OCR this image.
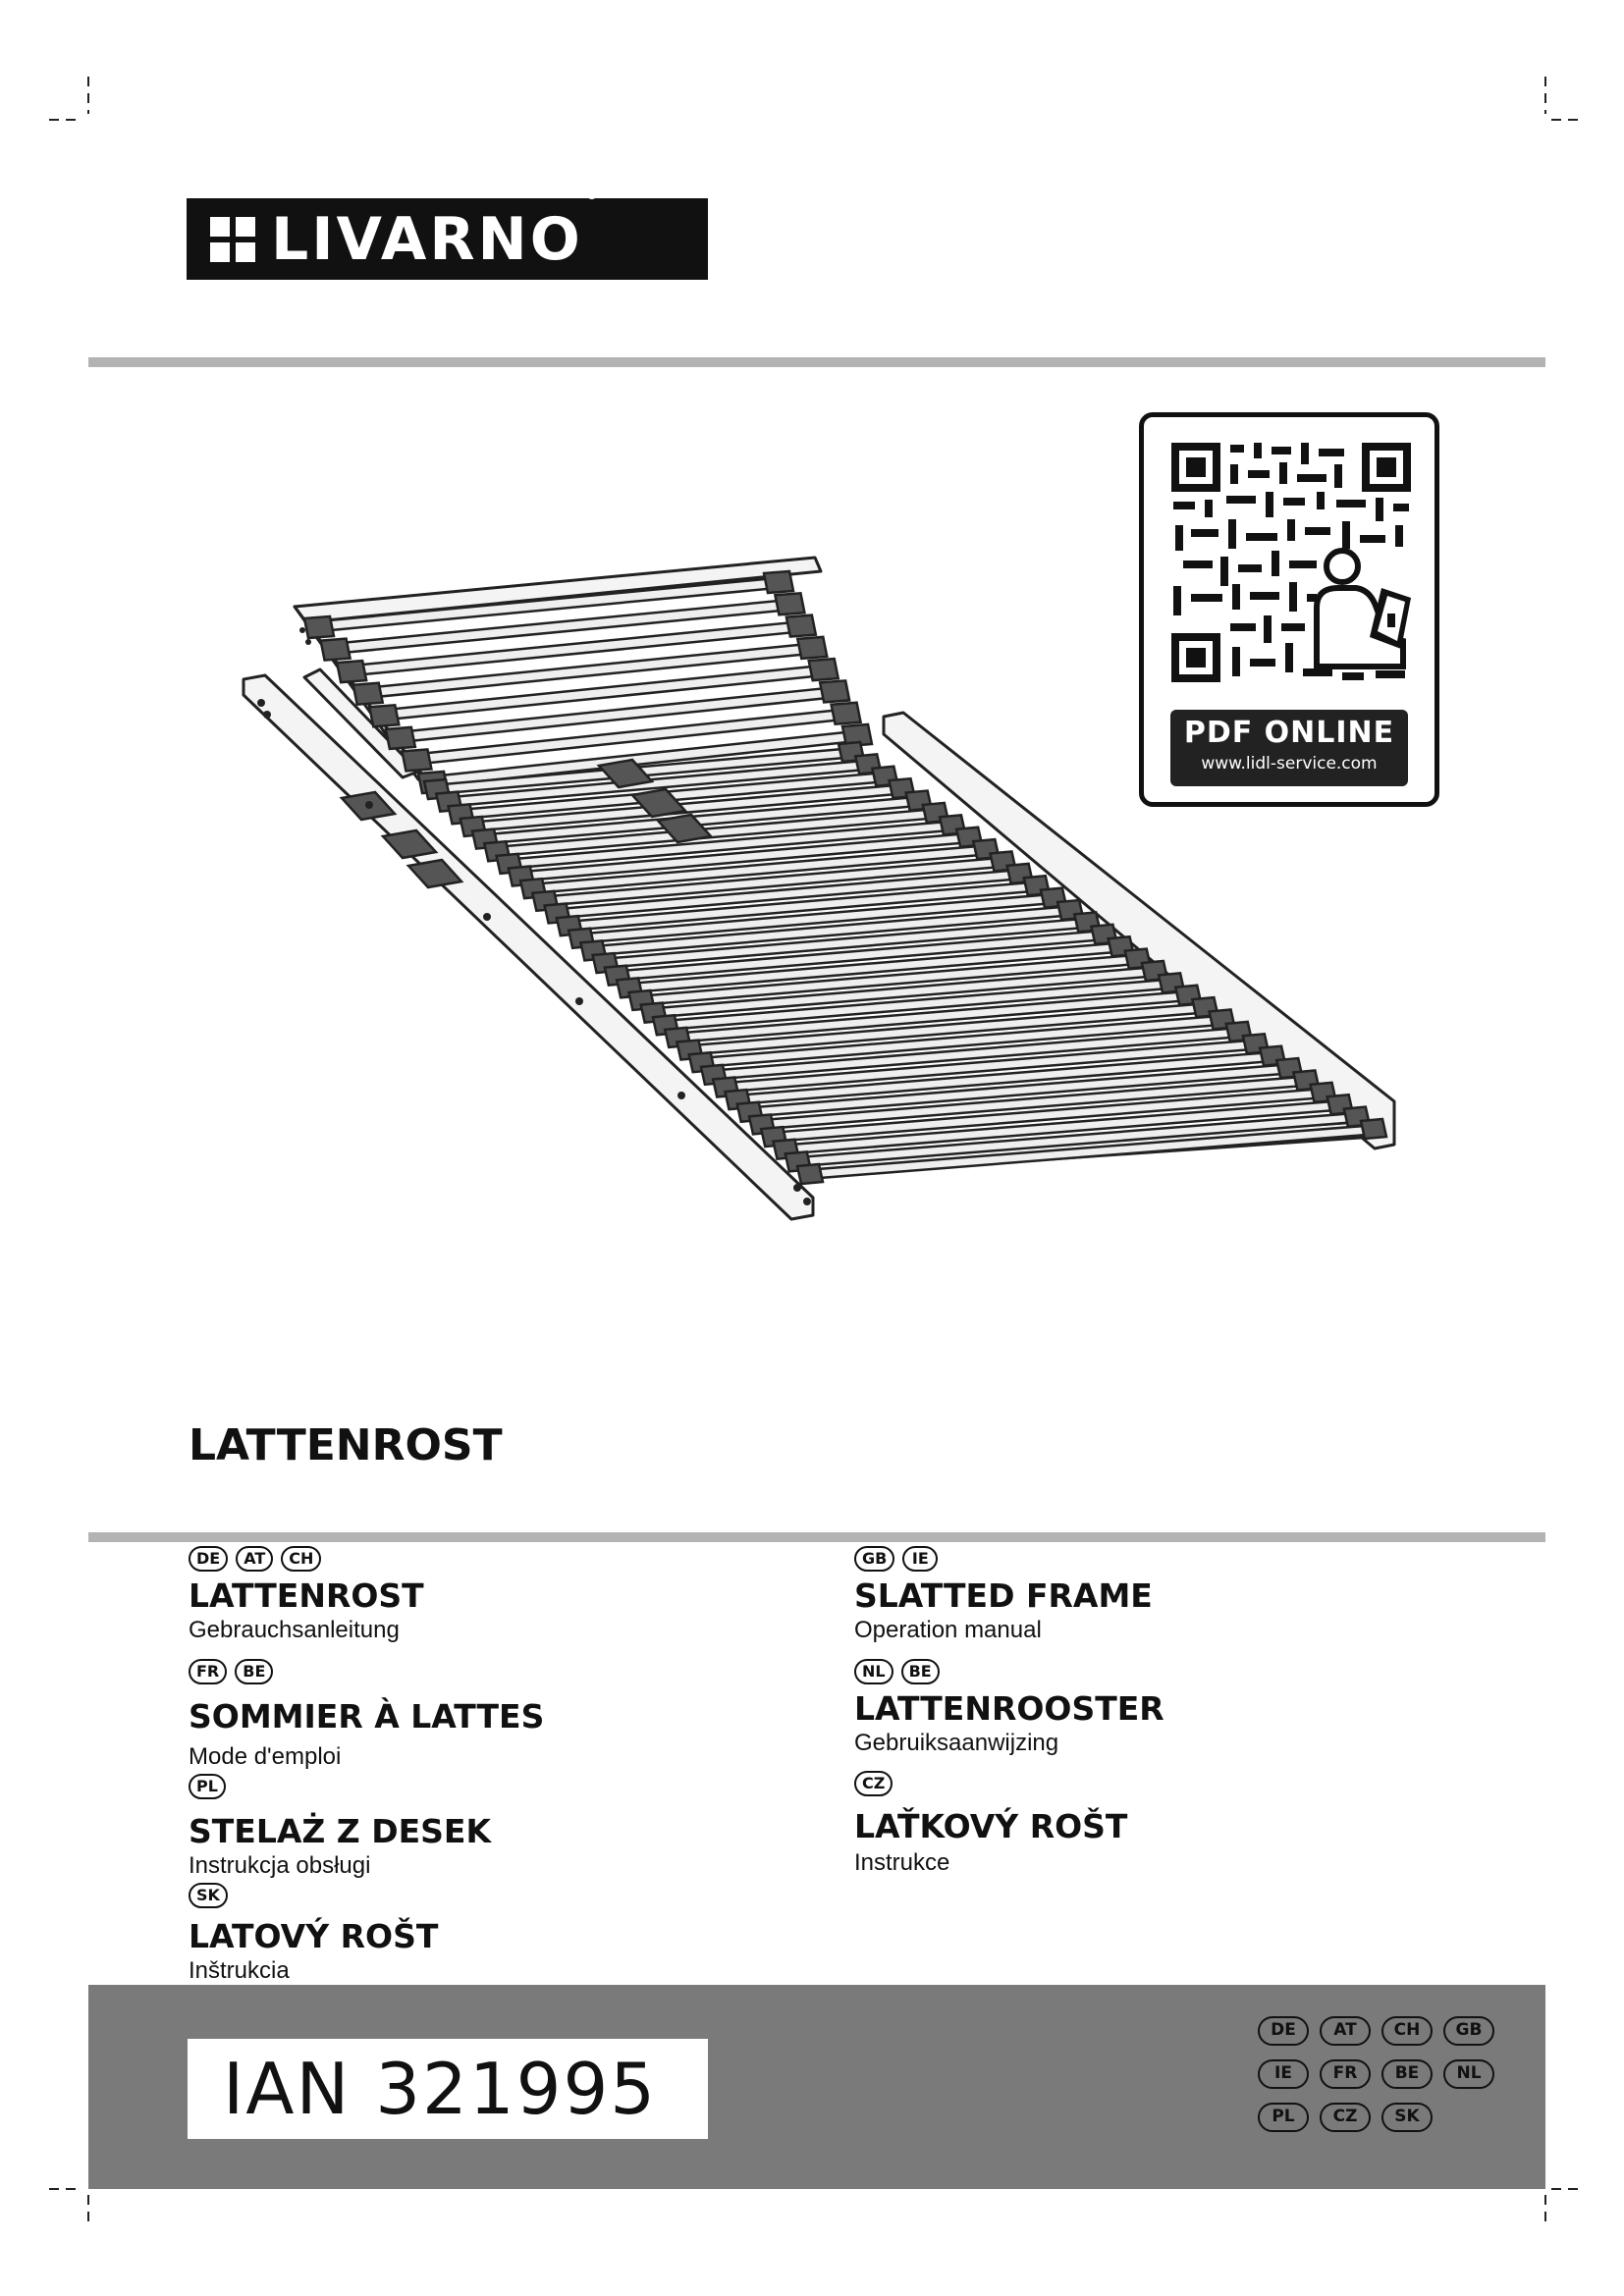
LIVARNO®
PDF ONLINE
www.lidl-service.com
LATTENROST
DE	AT	CH
LATTENROST
Gebrauchsanleitung
FR	BE
SOMMIER À LATTES
Mode d'emploi
PL
STELAŻ Z DESEK
Instrukcja obsługi
SK
LATOVÝ ROŠT
Inštrukcia
GB	IE
SLATTED FRAME
Operation manual
NL	BE
LATTENROOSTER
Gebruiksaanwijzing
CZ
LAŤKOVÝ ROŠT
Instrukce
IAN 321995
DE	AT	CH	GB
IE	FR	BE	NL
PL	CZ	SK
